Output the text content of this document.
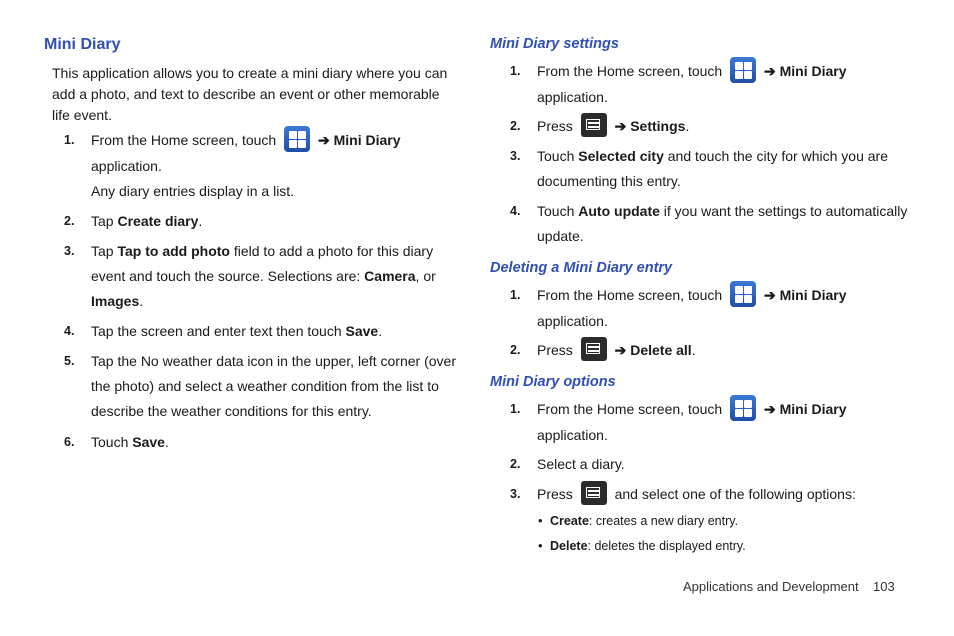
Mini Diary

This application allows you to create a mini diary where you can
add a photo, and text to describe an event or other memorable
life event.

1. From the Home screen, touch	➔ Mini Diary
application.
Any diary entries display in a list.
2. Tap Create diary.
3. Tap Tap to add photo field to add a photo for this diary
event and touch the source. Selections are: Camera, or
Images.
4. Tap the screen and enter text then touch Save.
5. Tap the No weather data icon in the upper, left corner (over
the photo) and select a weather condition from the list to
describe the weather conditions for this entry.
6. Touch Save.
Mini Diary settings
1. From the Home screen, touch	➔ Mini Diary
application.
2. Press	➔ Settings.
3. Touch Selected city and touch the city for which you are
documenting this entry.
4. Touch Auto update if you want the settings to automatically
update.
Deleting a Mini Diary entry
1. From the Home screen, touch	➔ Mini Diary
application.
2. Press	➔ Delete all.
Mini Diary options
1. From the Home screen, touch	➔ Mini Diary
application.
2. Select a diary.
3. Press	and select one of the following options:
• Create: creates a new diary entry.
• Delete: deletes the displayed entry.
Applications and Development 103
